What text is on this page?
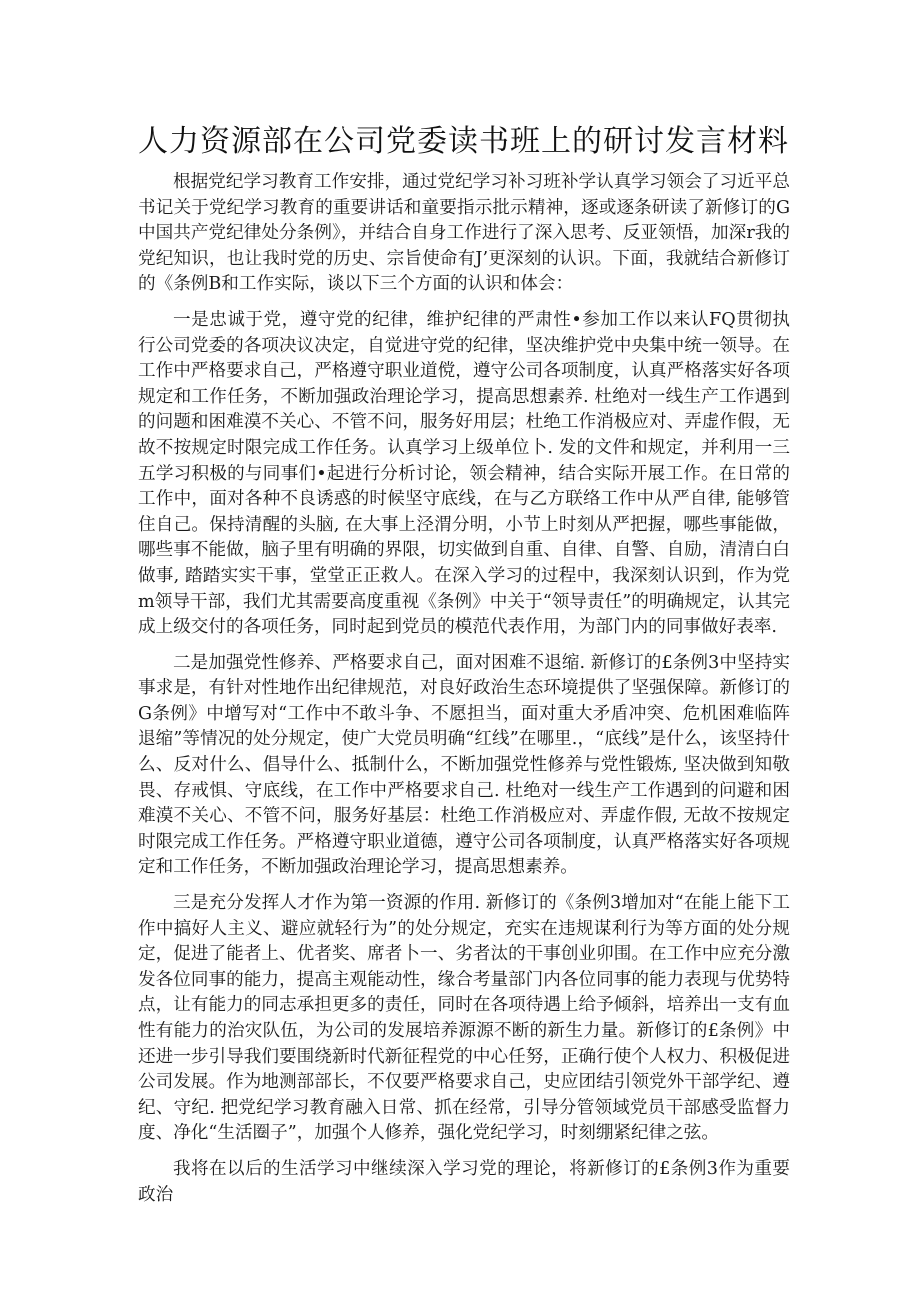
人力资源部在公司党委读书班上的研讨发言材料

根据党纪学习教育工作安排，通过党纪学习补习班补学认真学习领会了习近平总书记关于党纪学习教育的重要讲话和童要指示批示精神，逐或逐条研读了新修订的G中国共产党纪律处分条例》，并结合自身工作进行了深入思考、反亚领悟，加深r我的党纪知识，也让我时党的历史、宗旨使命有J’更深刻的认识。下面，我就结合新修订的《条例B和工作实际，谈以下三个方面的认识和体会：

一是忠诚于党，遵守党的纪律，维护纪律的严肃性•参加工作以来认FQ贯彻执行公司党委的各项决议决定，自觉进守党的纪律，坚决维护党中央集中统一领导。在工作中严格要求自己，严格遵守职业道傥，遵守公司各项制度，认真严格落实好各项规定和工作任务，不断加强政治理论学习，提高思想素养. 杜绝对一线生产工作遇到的问题和困难漠不关心、不管不问，服务好用层；杜绝工作消极应对、弄虚作假，无故不按规定时限完成工作任务。认真学习上级单位卜. 发的文件和规定，并利用一三五学习积极的与同事们•起进行分析讨论，领会精神，结合实际开展工作。在日常的工作中，面对各种不良诱惑的时候坚守底线，在与乙方联络工作中从严自律, 能够管住自己。保持清醒的头脑, 在大事上泾渭分明，小节上时刻从严把握，哪些事能做，哪些事不能做，脑子里有明确的界限，切实做到自重、自律、自警、自励，清清白白做事, 踏踏实实干事，堂堂正正救人。在深入学习的过程中，我深刻认识到，作为党m领导干部，我们尤其需要高度重视《条例》中关于“领导责任”的明确规定，认其完成上级交付的各项任务，同时起到党员的模范代表作用，为部门内的同事做好表率.

二是加强党性修养、严格要求自己，面对困难不退缩. 新修订的£条例3中坚持实事求是，有针对性地作出纪律规范，对良好政治生态环境提供了坚强保障。新修订的G条例》中增写对“工作中不敢斗争、不愿担当，面对重大矛盾冲突、危机困难临阵退缩”等情况的处分规定，使广大党员明确“红线”在哪里.，“底线”是什么，该坚持什么、反对什么、倡导什么、抵制什么，不断加强党性修养与党性锻炼, 坚决做到知敬畏、存戒惧、守底线，在工作中严格要求自己. 杜绝对一线生产工作遇到的问避和困难漠不关心、不管不问，服务好基层：杜绝工作消极应对、弄虚作假, 无故不按规定时限完成工作任务。严格遵守职业道德，遵守公司各项制度，认真严格落实好各项规定和工作任务，不断加强政治理论学习，提高思想素养。

三是充分发挥人才作为第一资源的作用. 新修订的《条例3增加对“在能上能下工作中搞好人主义、避应就轻行为”的处分规定，充实在违规谋利行为等方面的处分规定，促进了能者上、优者奖、席者卜一、劣者汰的干事创业卯围。在工作中应充分激发各位同事的能力，提高主观能动性，缘合考量部门内各位同事的能力表现与优势特点，让有能力的同志承担更多的责任，同时在各项待遇上给予倾斜，培养出一支有血性有能力的治灾队伍，为公司的发展培养源源不断的新生力量。新修订的£条例》中还进一步引导我们要围绕新时代新征程党的中心任努，正确行使个人权力、积极促进公司发展。作为地测部部长，不仅要严格要求自己，史应团结引领党外干部学纪、遵纪、守纪. 把党纪学习教育融入日常、抓在经常，引导分管领域党员干部感受监督力度、净化“生活圈子”，加强个人修养，强化党纪学习，时刻绷紧纪律之弦。

我将在以后的生活学习中继续深入学习党的理论，将新修订的£条例3作为重要政治
